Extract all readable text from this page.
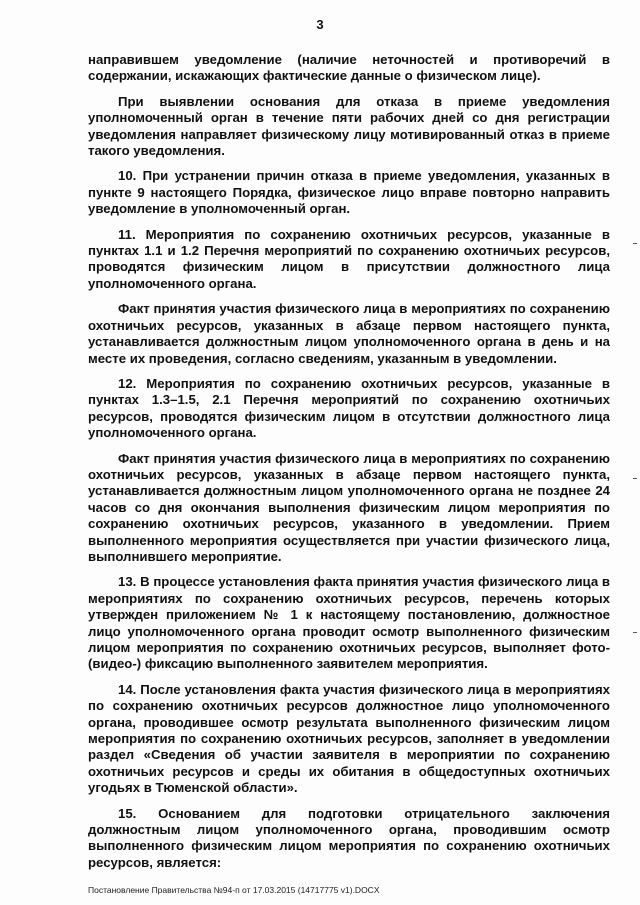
3

направившем уведомление (наличие неточностей и противоречий в содержании, искажающих фактические данные о физическом лице).

При выявлении основания для отказа в приеме уведомления уполномоченный орган в течение пяти рабочих дней со дня регистрации уведомления направляет физическому лицу мотивированный отказ в приеме такого уведомления.

10. При устранении причин отказа в приеме уведомления, указанных в пункте 9 настоящего Порядка, физическое лицо вправе повторно направить уведомление в уполномоченный орган.

11. Мероприятия по сохранению охотничьих ресурсов, указанные в пунктах 1.1 и 1.2 Перечня мероприятий по сохранению охотничьих ресурсов, проводятся физическим лицом в присутствии должностного лица уполномоченного органа.

Факт принятия участия физического лица в мероприятиях по сохранению охотничьих ресурсов, указанных в абзаце первом настоящего пункта, устанавливается должностным лицом уполномоченного органа в день и на месте их проведения, согласно сведениям, указанным в уведомлении.

12. Мероприятия по сохранению охотничьих ресурсов, указанные в пунктах 1.3–1.5, 2.1 Перечня мероприятий по сохранению охотничьих ресурсов, проводятся физическим лицом в отсутствии должностного лица уполномоченного органа.

Факт принятия участия физического лица в мероприятиях по сохранению охотничьих ресурсов, указанных в абзаце первом настоящего пункта, устанавливается должностным лицом уполномоченного органа не позднее 24 часов со дня окончания выполнения физическим лицом мероприятия по сохранению охотничьих ресурсов, указанного в уведомлении. Прием выполненного мероприятия осуществляется при участии физического лица, выполнившего мероприятие.

13. В процессе установления факта принятия участия физического лица в мероприятиях по сохранению охотничьих ресурсов, перечень которых утвержден приложением № 1 к настоящему постановлению, должностное лицо уполномоченного органа проводит осмотр выполненного физическим лицом мероприятия по сохранению охотничьих ресурсов, выполняет фото-(видео-) фиксацию выполненного заявителем мероприятия.

14. После установления факта участия физического лица в мероприятиях по сохранению охотничьих ресурсов должностное лицо уполномоченного органа, проводившее осмотр результата выполненного физическим лицом мероприятия по сохранению охотничьих ресурсов, заполняет в уведомлении раздел «Сведения об участии заявителя в мероприятии по сохранению охотничьих ресурсов и среды их обитания в общедоступных охотничьих угодьях в Тюменской области».

15. Основанием для подготовки отрицательного заключения должностным лицом уполномоченного органа, проводившим осмотр выполненного физическим лицом мероприятия по сохранению охотничьих ресурсов, является:

Постановление Правительства №94-п от 17.03.2015 (14717775 v1).DOCX
